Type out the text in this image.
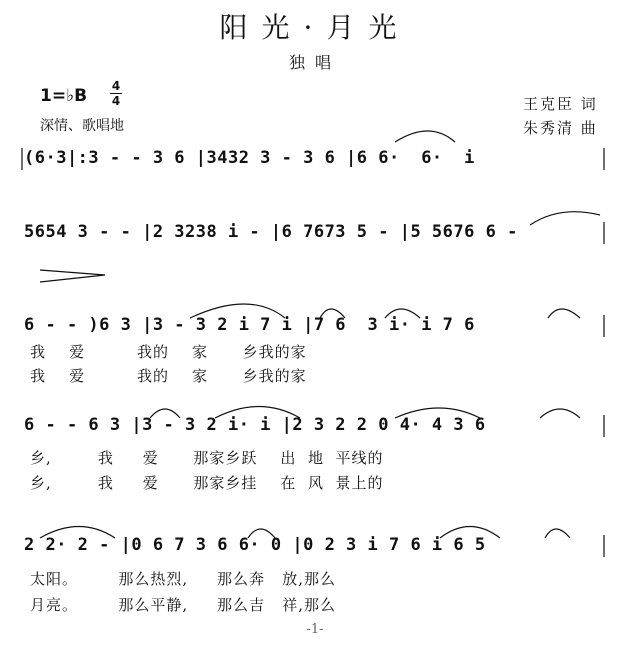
阳光·月光
独唱
1=♭B 4
4
深情、歌唱地
王克臣 词
朱秀清 曲
(6·3|:3 - - 3 6 |3432 3 - 3 6 |6 6·  6·  i
5654 3 - - |2 3238 i - |6 7673 5 - |5 5676 6 -
6 - - )6 3 |3 - 3 2 i 7 i |7 6  3 i· i 7 6
我    爱         我的    家      乡我的家
我    爱         我的    家      乡我的家
6 - - 6 3 |3 - 3 2 i· i |2 3 2 2 0 4· 4 3 6
乡,        我     爱      那家乡跃    出  地  平线的
乡,        我     爱      那家乡挂    在  风  景上的
2 2· 2 - |0 6 7 3 6 6· 0 |0 2 3 i 7 6 i 6 5
太阳。       那么热烈,     那么奔   放,那么
月亮。       那么平静,     那么吉   祥,那么
-1-
